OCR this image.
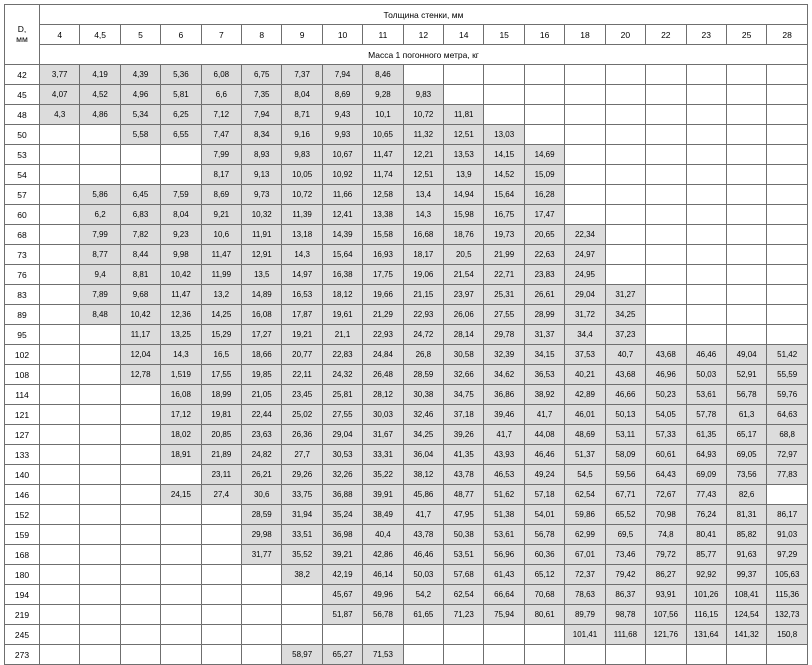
D,
мм	Толщина стенки, мм																		
	4	4,5	5	6	7	8	9	10	11	12	14	15	16	18	20	22	23	25	28
	Масса 1 погонного метра, кг																		
42	3,77	4,19	4,39	5,36	6,08	6,75	7,37	7,94	8,46										
45	4,07	4,52	4,96	5,81	6,6	7,35	8,04	8,69	9,28	9,83									
48	4,3	4,86	5,34	6,25	7,12	7,94	8,71	9,43	10,1	10,72	11,81								
50			5,58	6,55	7,47	8,34	9,16	9,93	10,65	11,32	12,51	13,03							
53					7,99	8,93	9,83	10,67	11,47	12,21	13,53	14,15	14,69						
54					8,17	9,13	10,05	10,92	11,74	12,51	13,9	14,52	15,09						
57		5,86	6,45	7,59	8,69	9,73	10,72	11,66	12,58	13,4	14,94	15,64	16,28						
60		6,2	6,83	8,04	9,21	10,32	11,39	12,41	13,38	14,3	15,98	16,75	17,47						
68		7,99	7,82	9,23	10,6	11,91	13,18	14,39	15,58	16,68	18,76	19,73	20,65	22,34					
73		8,77	8,44	9,98	11,47	12,91	14,3	15,64	16,93	18,17	20,5	21,99	22,63	24,97					
76		9,4	8,81	10,42	11,99	13,5	14,97	16,38	17,75	19,06	21,54	22,71	23,83	24,95					
83		7,89	9,68	11,47	13,2	14,89	16,53	18,12	19,66	21,15	23,97	25,31	26,61	29,04	31,27				
89		8,48	10,42	12,36	14,25	16,08	17,87	19,61	21,29	22,93	26,06	27,55	28,99	31,72	34,25				
95			11,17	13,25	15,29	17,27	19,21	21,1	22,93	24,72	28,14	29,78	31,37	34,4	37,23				
102			12,04	14,3	16,5	18,66	20,77	22,83	24,84	26,8	30,58	32,39	34,15	37,53	40,7	43,68	46,46	49,04	51,42
108			12,78	1,519	17,55	19,85	22,11	24,32	26,48	28,59	32,66	34,62	36,53	40,21	43,68	46,96	50,03	52,91	55,59
114				16,08	18,99	21,05	23,45	25,81	28,12	30,38	34,75	36,86	38,92	42,89	46,66	50,23	53,61	56,78	59,76
121				17,12	19,81	22,44	25,02	27,55	30,03	32,46	37,18	39,46	41,7	46,01	50,13	54,05	57,78	61,3	64,63
127				18,02	20,85	23,63	26,36	29,04	31,67	34,25	39,26	41,7	44,08	48,69	53,11	57,33	61,35	65,17	68,8
133				18,91	21,89	24,82	27,7	30,53	33,31	36,04	41,35	43,93	46,46	51,37	58,09	60,61	64,93	69,05	72,97
140					23,11	26,21	29,26	32,26	35,22	38,12	43,78	46,53	49,24	54,5	59,56	64,43	69,09	73,56	77,83
146				24,15	27,4	30,6	33,75	36,88	39,91	45,86	48,77	51,62	57,18	62,54	67,71	72,67	77,43	82,6	
152						28,59	31,94	35,24	38,49	41,7	47,95	51,38	54,01	59,86	65,52	70,98	76,24	81,31	86,17
159						29,98	33,51	36,98	40,4	43,78	50,38	53,61	56,78	62,99	69,5	74,8	80,41	85,82	91,03
168						31,77	35,52	39,21	42,86	46,46	53,51	56,96	60,36	67,01	73,46	79,72	85,77	91,63	97,29
180							38,2	42,19	46,14	50,03	57,68	61,43	65,12	72,37	79,42	86,27	92,92	99,37	105,63
194								45,67	49,96	54,2	62,54	66,64	70,68	78,63	86,37	93,91	101,26	108,41	115,36
219								51,87	56,78	61,65	71,23	75,94	80,61	89,79	98,78	107,56	116,15	124,54	132,73
245														101,41	111,68	121,76	131,64	141,32	150,8
273							58,97	65,27	71,53										
